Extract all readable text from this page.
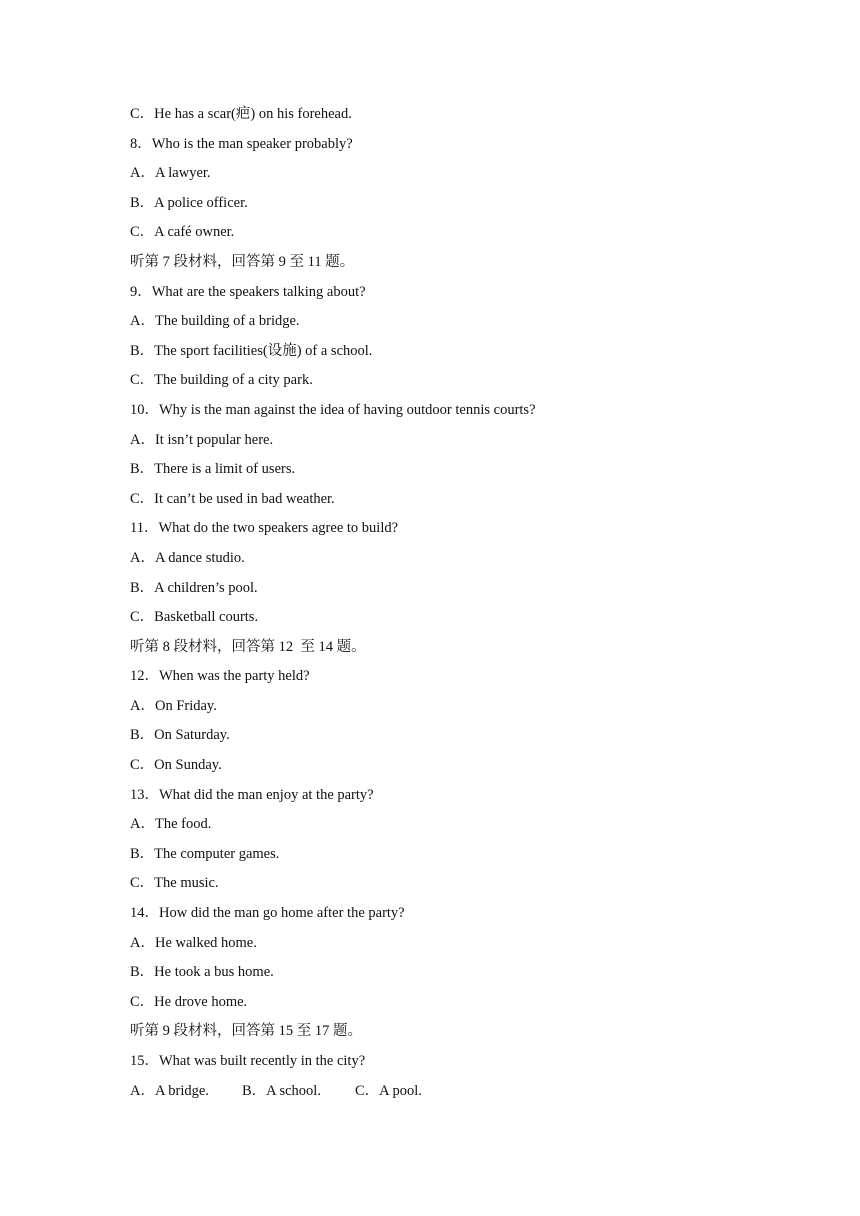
C．He has a scar(疤) on his forehead.
8．Who is the man speaker probably?
A．A lawyer.
B．A police officer.
C．A café owner.
听第 7 段材料，回答第 9 至 11 题。
9．What are the speakers talking about?
A．The building of a bridge.
B．The sport facilities(设施) of a school.
C．The building of a city park.
10．Why is the man against the idea of having outdoor tennis courts?
A．It isn’t popular here.
B．There is a limit of users.
C．It can’t be used in bad weather.
11．What do the two speakers agree to build?
A．A dance studio.
B．A children’s pool.
C．Basketball courts.
听第 8 段材料，回答第 12  至 14 题。
12．When was the party held?
A．On Friday.
B．On Saturday.
C．On Sunday.
13．What did the man enjoy at the party?
A．The food.
B．The computer games.
C．The music.
14．How did the man go home after the party?
A．He walked home.
B．He took a bus home.
C．He drove home.
听第 9 段材料，回答第 15 至 17 题。
15．What was built recently in the city?
A．A bridge. B．A school. C．A pool.
